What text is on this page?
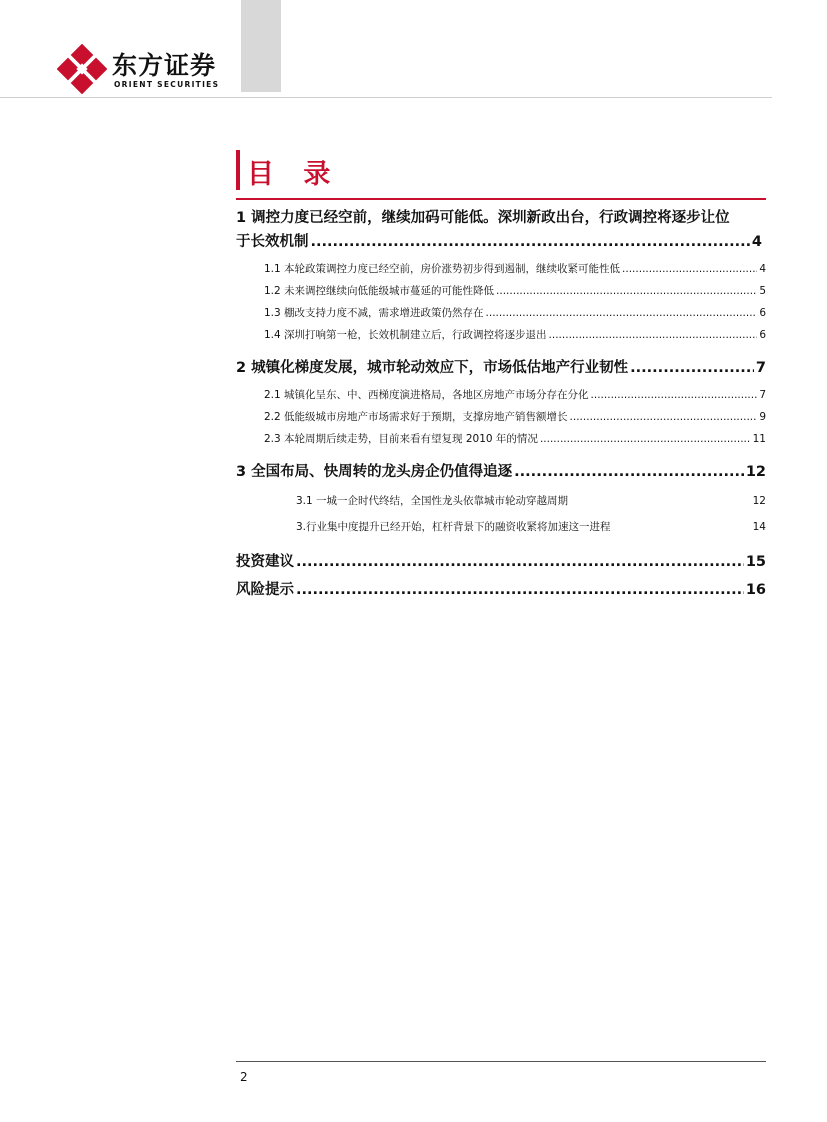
东方证券
ORIENT SECURITIES
目 录
1 调控力度已经空前，继续加码可能低。深圳新政出台，行政调控将逐步让位
于长效机制 .....	4
1.1 本轮政策调控力度已经空前，房价涨势初步得到遏制，继续收紧可能性低 .....	4
1.2 未来调控继续向低能级城市蔓延的可能性降低 .....	5
1.3 棚改支持力度不减，需求增进政策仍然存在 .....	6
1.4 深圳打响第一枪，长效机制建立后，行政调控将逐步退出 .....	6
2 城镇化梯度发展，城市轮动效应下，市场低估地产行业韧性 .....	7
2.1 城镇化呈东、中、西梯度演进格局，各地区房地产市场分存在分化 .....	7
2.2 低能级城市房地产市场需求好于预期，支撑房地产销售额增长 .....	9
2.3 本轮周期后续走势，目前来看有望复现 2010 年的情况 .....	11
3 全国布局、快周转的龙头房企仍值得追逐 .....	12
3.1 一城一企时代终结，全国性龙头依靠城市轮动穿越周期	12
3.行业集中度提升已经开始，杠杆背景下的融资收紧将加速这一进程	14
投资建议 .....	15
风险提示 .....	16
2
